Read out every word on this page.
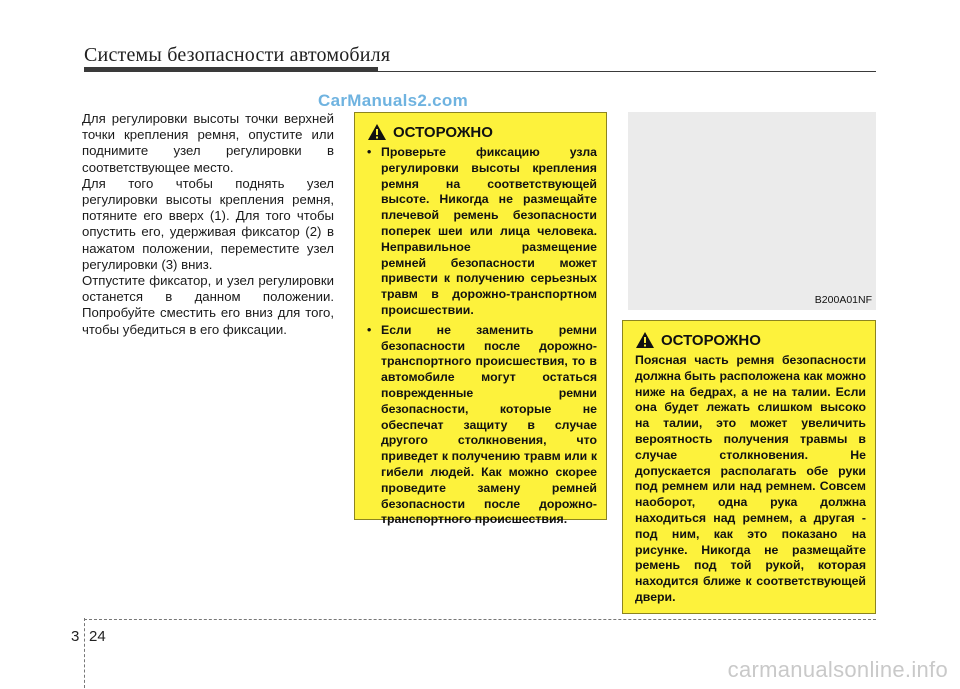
Системы безопасности автомобиля
CarManuals2.com

Для регулировки высоты точки верхней точки крепления ремня, опустите или поднимите узел регулировки в соответствующее место.

Для того чтобы поднять узел регулировки высоты крепления ремня, потяните его вверх (1). Для того чтобы опустить его, удерживая фиксатор (2) в нажатом положении, переместите узел регулировки (3) вниз.

Отпустите фиксатор, и узел регулировки останется в данном положении. Попробуйте сместить его вниз для того, чтобы убедиться в его фиксации.

ОСТОРОЖНО
• Проверьте фиксацию узла регулировки высоты крепления ремня на соответствующей высоте. Никогда не размещайте плечевой ремень безопасности поперек шеи или лица человека. Неправильное размещение ремней безопасности может привести к получению серьезных травм в дорожно-транспортном происшествии.
• Если не заменить ремни безопасности после дорожно-транспортного происшествия, то в автомобиле могут остаться поврежденные ремни безопасности, которые не обеспечат защиту в случае другого столкновения, что приведет к получению травм или к гибели людей. Как можно скорее проведите замену ремней безопасности после дорожно-транспортного происшествия.
B200A01NF
ОСТОРОЖНО

Поясная часть ремня безопасности должна быть расположена как можно ниже на бедрах, а не на талии. Если она будет лежать слишком высоко на талии, это может увеличить вероятность получения травмы в случае столкновения. Не допускается располагать обе руки под ремнем или над ремнем. Совсем наоборот, одна рука должна находиться над ремнем, а другая - под ним, как это показано на рисунке. Никогда не размещайте ремень под той рукой, которая находится ближе к соответствующей двери.

3 24
carmanualsonline.info
